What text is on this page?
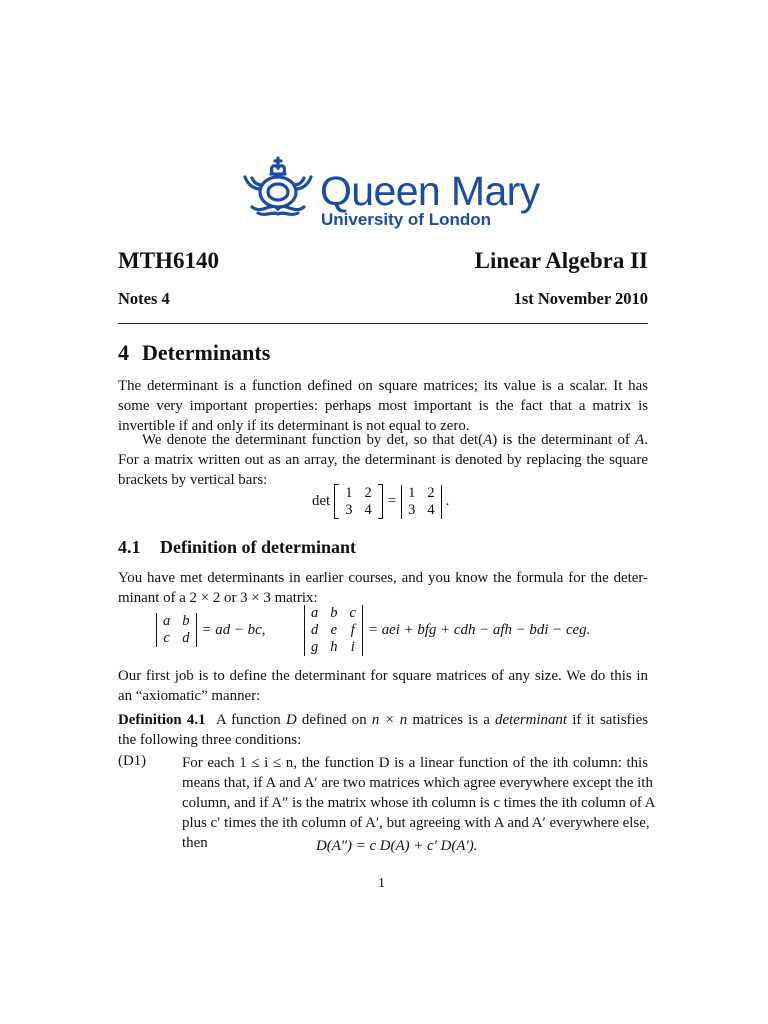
Queen Mary
University of London
MTH6140	Linear Algebra II
Notes 4	1st November 2010
4 Determinants
The determinant is a function defined on square matrices; its value is a scalar. It has
some very important properties: perhaps most important is the fact that a matrix is
invertible if and only if its determinant is not equal to zero.
We denote the determinant function by det, so that det(A) is the determinant of A.
For a matrix written out as an array, the determinant is denoted by replacing the square
brackets by vertical bars:
det
	1	2	
	3	4	
=
1	2
3	4
.
4.1 Definition of determinant
You have met determinants in earlier courses, and you know the formula for the deter-
minant of a 2 × 2 or 3 × 3 matrix:
a	b
c	d
= ad − bc,
a	b	c
d	e	f
g	h	i
= aei + bfg + cdh − afh − bdi − ceg.
Our first job is to define the determinant for square matrices of any size. We do this in
an “axiomatic” manner:
Definition 4.1 A function D defined on n × n matrices is a determinant if it satisfies
the following three conditions:
(D1) For each 1 ≤ i ≤ n, the function D is a linear function of the ith column: this
means that, if A and A′ are two matrices which agree everywhere except the ith
column, and if A″ is the matrix whose ith column is c times the ith column of A
plus c′ times the ith column of A′, but agreeing with A and A′ everywhere else,
then	D(A″) = c D(A) + c′ D(A′).
1
